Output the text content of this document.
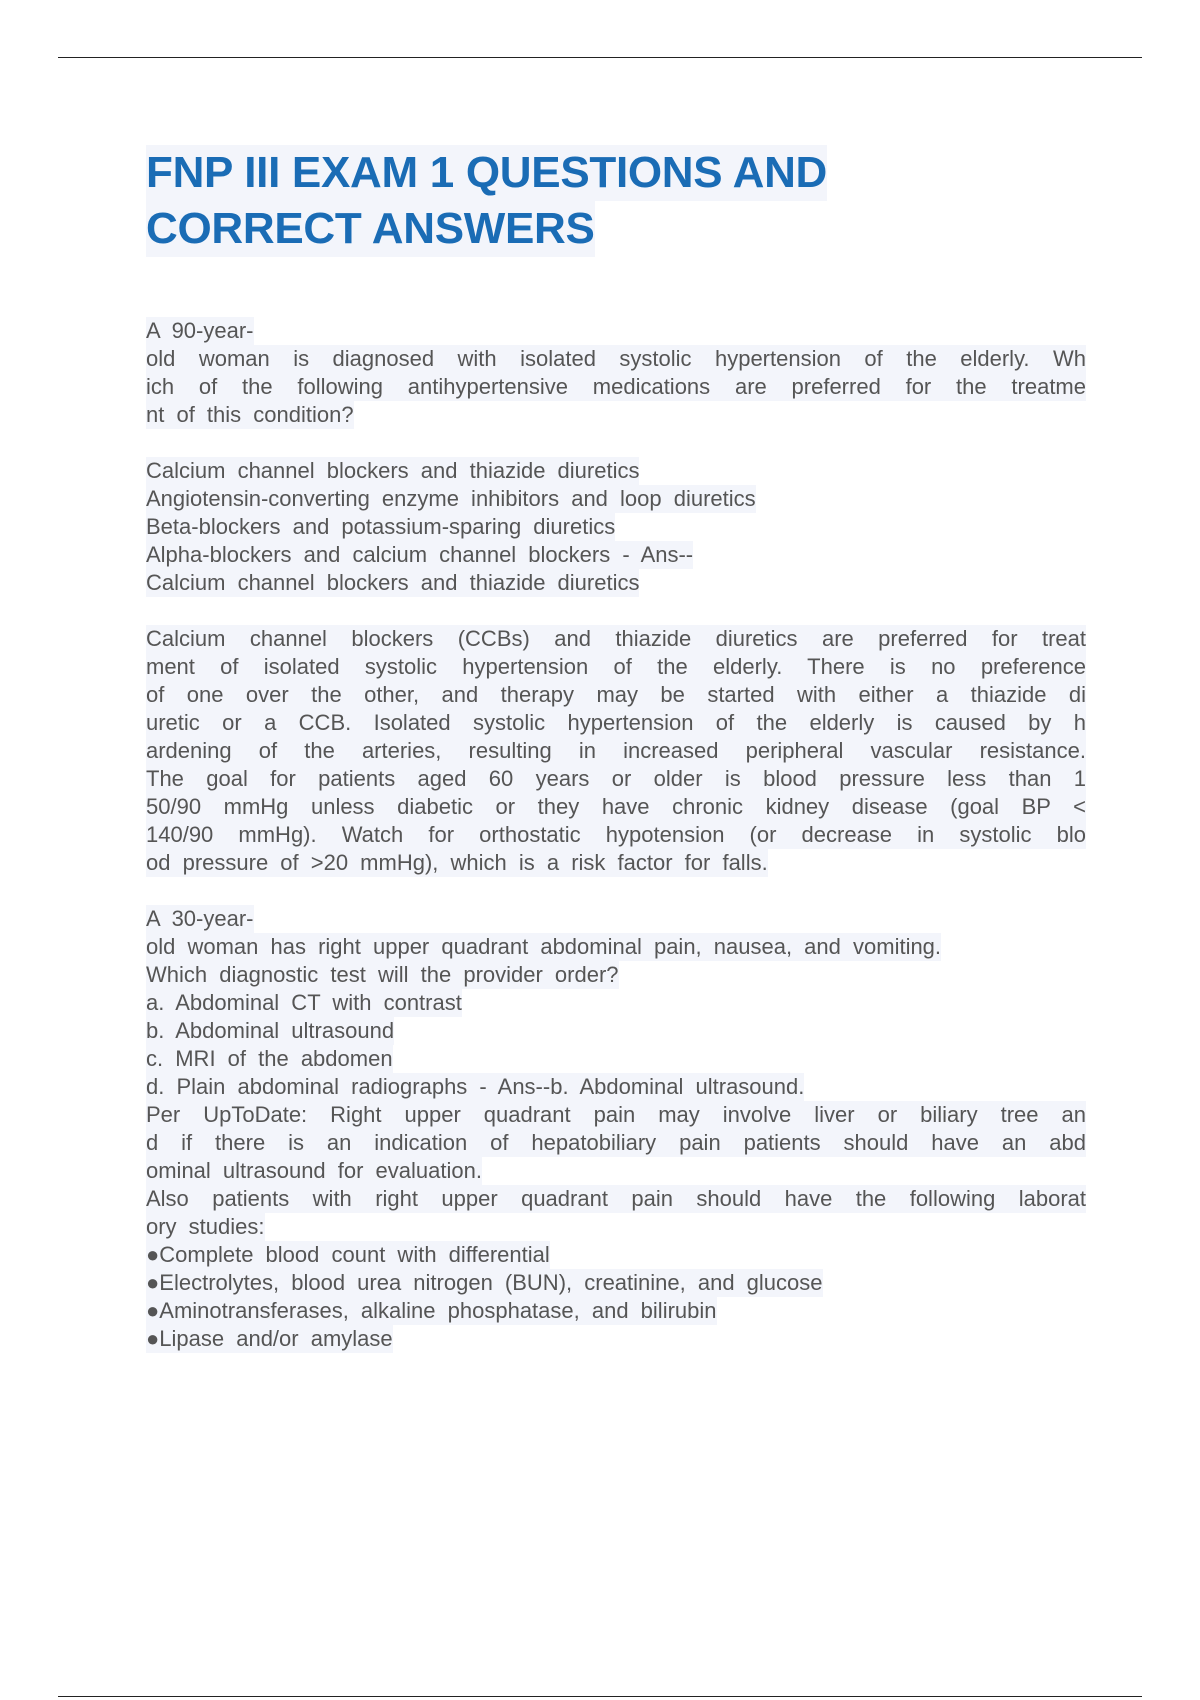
FNP III EXAM 1 QUESTIONS AND
CORRECT ANSWERS
A 90-year-
old woman is diagnosed with isolated systolic hypertension of the elderly. Wh
ich of the following antihypertensive medications are preferred for the treatme
nt of this condition?
Calcium channel blockers and thiazide diuretics
Angiotensin-converting enzyme inhibitors and loop diuretics
Beta-blockers and potassium-sparing diuretics
Alpha-blockers and calcium channel blockers - Ans--
Calcium channel blockers and thiazide diuretics
Calcium channel blockers (CCBs) and thiazide diuretics are preferred for treat
ment of isolated systolic hypertension of the elderly. There is no preference
of one over the other, and therapy may be started with either a thiazide di
uretic or a CCB. Isolated systolic hypertension of the elderly is caused by h
ardening of the arteries, resulting in increased peripheral vascular resistance.
The goal for patients aged 60 years or older is blood pressure less than 1
50/90 mmHg unless diabetic or they have chronic kidney disease (goal BP <
140/90 mmHg). Watch for orthostatic hypotension (or decrease in systolic blo
od pressure of >20 mmHg), which is a risk factor for falls.
A 30-year-
old woman has right upper quadrant abdominal pain, nausea, and vomiting.
Which diagnostic test will the provider order?
a. Abdominal CT with contrast
b. Abdominal ultrasound
c. MRI of the abdomen
d. Plain abdominal radiographs - Ans--b. Abdominal ultrasound.
Per UpToDate: Right upper quadrant pain may involve liver or biliary tree an
d if there is an indication of hepatobiliary pain patients should have an abd
ominal ultrasound for evaluation.
Also patients with right upper quadrant pain should have the following laborat
ory studies:
●Complete blood count with differential
●Electrolytes, blood urea nitrogen (BUN), creatinine, and glucose
●Aminotransferases, alkaline phosphatase, and bilirubin
●Lipase and/or amylase
